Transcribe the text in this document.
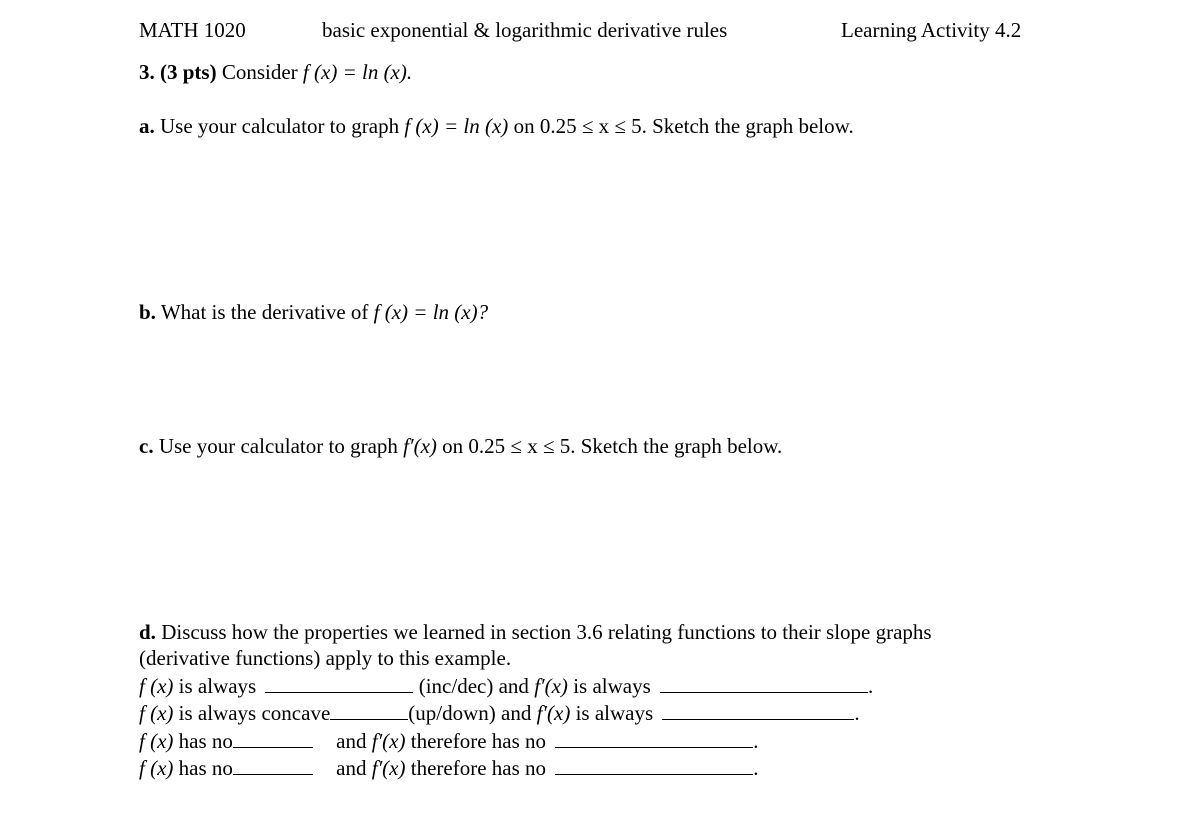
MATH 1020	basic exponential & logarithmic derivative rules	Learning Activity 4.2
3. (3 pts) Consider f (x) = ln (x).
a. Use your calculator to graph f (x) = ln (x) on 0.25 ≤ x ≤ 5. Sketch the graph below.
b. What is the derivative of f (x) = ln (x)?
c. Use your calculator to graph f′(x) on 0.25 ≤ x ≤ 5. Sketch the graph below.
d. Discuss how the properties we learned in section 3.6 relating functions to their slope graphs
(derivative functions) apply to this example.
f (x) is always	(inc/dec) and f′(x) is always	.
f (x) is always concave	(up/down) and f′(x) is always	.
f (x) has no	and f′(x) therefore has no	.
f (x) has no	and f′(x) therefore has no	.
